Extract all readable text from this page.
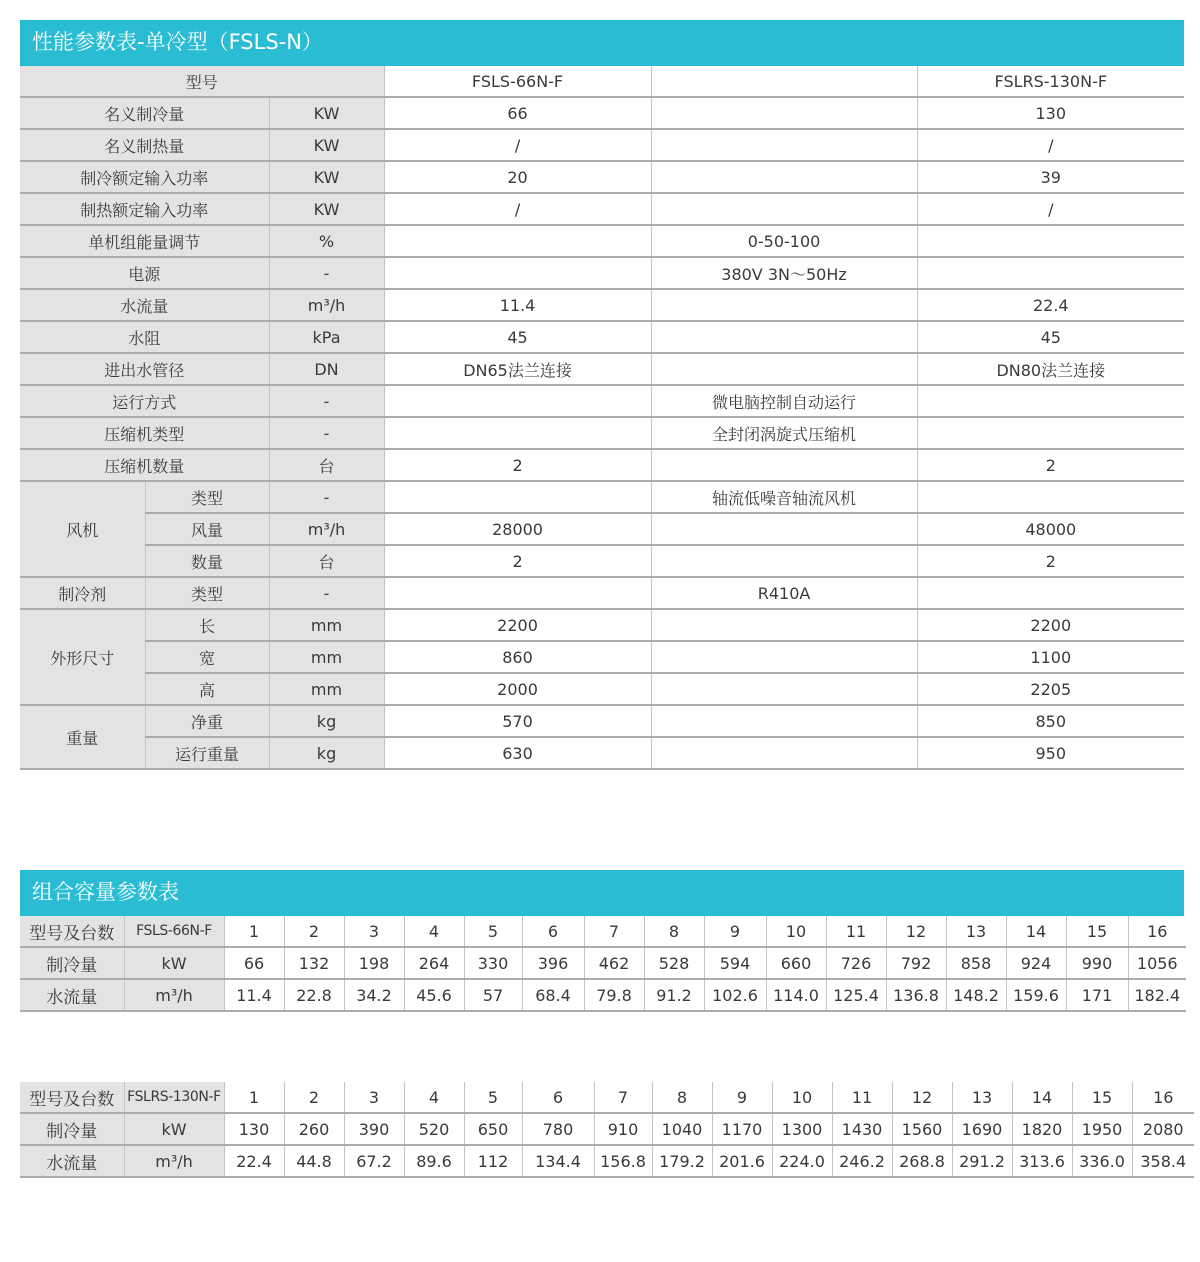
性能参数表-单冷型（FSLS-N）
型号			FSLS-66N-F		FSLRS-130N-F
名义制冷量		KW	66		130
名义制热量		KW	/		/
制冷额定输入功率		KW	20		39
制热额定输入功率		KW	/		/
单机组能量调节		%		0-50-100	
电源		-		380V 3N～50Hz	
水流量		m³/h	11.4		22.4
水阻		kPa	45		45
进出水管径		DN	DN65法兰连接		DN80法兰连接
运行方式		-		微电脑控制自动运行	
压缩机类型		-		全封闭涡旋式压缩机	
压缩机数量		台	2		2
风机	类型	-		轴流低噪音轴流风机	
	风量	m³/h	28000		48000
	数量	台	2		2
制冷剂	类型	-		R410A	
外形尺寸	长	mm	2200		2200
	宽	mm	860		1100
	高	mm	2000		2205
重量	净重	kg	570		850
	运行重量	kg	630		950
组合容量参数表
型号及台数	FSLS-66N-F	1	2	3	4	5	6	7	8	9	10	11	12	13	14	15	16
制冷量	kW	66	132	198	264	330	396	462	528	594	660	726	792	858	924	990	1056
水流量	m³/h	11.4	22.8	34.2	45.6	57	68.4	79.8	91.2	102.6	114.0	125.4	136.8	148.2	159.6	171	182.4
型号及台数	FSLRS-130N-F	1	2	3	4	5	6	7	8	9	10	11	12	13	14	15	16
制冷量	kW	130	260	390	520	650	780	910	1040	1170	1300	1430	1560	1690	1820	1950	2080
水流量	m³/h	22.4	44.8	67.2	89.6	112	134.4	156.8	179.2	201.6	224.0	246.2	268.8	291.2	313.6	336.0	358.4
